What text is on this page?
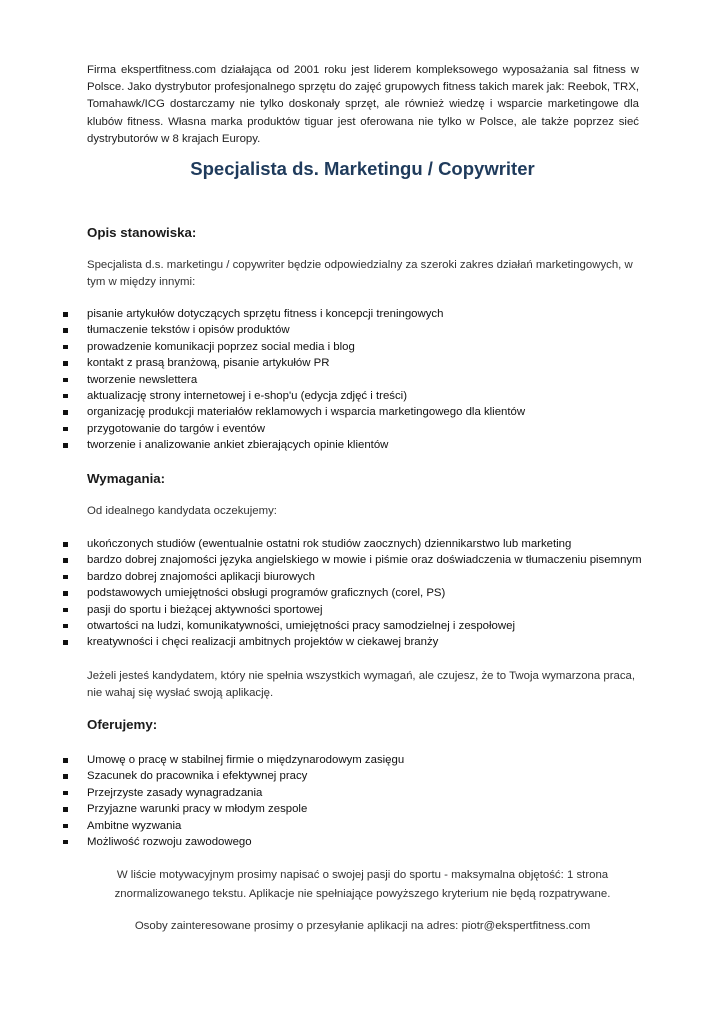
Firma ekspertfitness.com działająca od 2001 roku jest liderem kompleksowego wyposażania sal fitness w Polsce. Jako dystrybutor profesjonalnego sprzętu do zajęć grupowych fitness takich marek jak: Reebok, TRX, Tomahawk/ICG dostarczamy nie tylko doskonały sprzęt, ale również wiedzę i wsparcie marketingowe dla klubów fitness. Własna marka produktów tiguar jest oferowana nie tylko w Polsce, ale także poprzez sieć dystrybutorów w 8 krajach Europy.

Specjalista ds. Marketingu / Copywriter
Opis stanowiska:

Specjalista d.s. marketingu / copywriter będzie odpowiedzialny za szeroki zakres działań marketingowych, w tym w między innymi:

pisanie artykułów dotyczących sprzętu fitness i koncepcji treningowych
tłumaczenie tekstów i opisów produktów
prowadzenie komunikacji poprzez social media i blog
kontakt z prasą branżową, pisanie artykułów PR
tworzenie newslettera
aktualizację strony internetowej i e-shop'u (edycja zdjęć i treści)
organizację produkcji materiałów reklamowych i wsparcia marketingowego dla klientów
przygotowanie do targów i eventów
tworzenie i analizowanie ankiet zbierających opinie klientów
Wymagania:

Od idealnego kandydata oczekujemy:

ukończonych studiów (ewentualnie ostatni rok studiów zaocznych) dziennikarstwo lub marketing
bardzo dobrej znajomości języka angielskiego w mowie i piśmie oraz doświadczenia w tłumaczeniu pisemnym
bardzo dobrej znajomości aplikacji biurowych
podstawowych umiejętności obsługi programów graficznych (corel, PS)
pasji do sportu i bieżącej aktywności sportowej
otwartości na ludzi, komunikatywności, umiejętności pracy samodzielnej i zespołowej
kreatywności i chęci realizacji ambitnych projektów w ciekawej branży

Jeżeli jesteś kandydatem, który nie spełnia wszystkich wymagań, ale czujesz, że to Twoja wymarzona praca, nie wahaj się wysłać swoją aplikację.

Oferujemy:
Umowę o pracę w stabilnej firmie o międzynarodowym zasięgu
Szacunek do pracownika i efektywnej pracy
Przejrzyste zasady wynagradzania
Przyjazne warunki pracy w młodym zespole
Ambitne wyzwania
Możliwość rozwoju zawodowego

W liście motywacyjnym prosimy napisać o swojej pasji do sportu - maksymalna objętość: 1 strona znormalizowanego tekstu. Aplikacje nie spełniające powyższego kryterium nie będą rozpatrywane.

Osoby zainteresowane prosimy o przesyłanie aplikacji na adres: piotr@ekspertfitness.com
